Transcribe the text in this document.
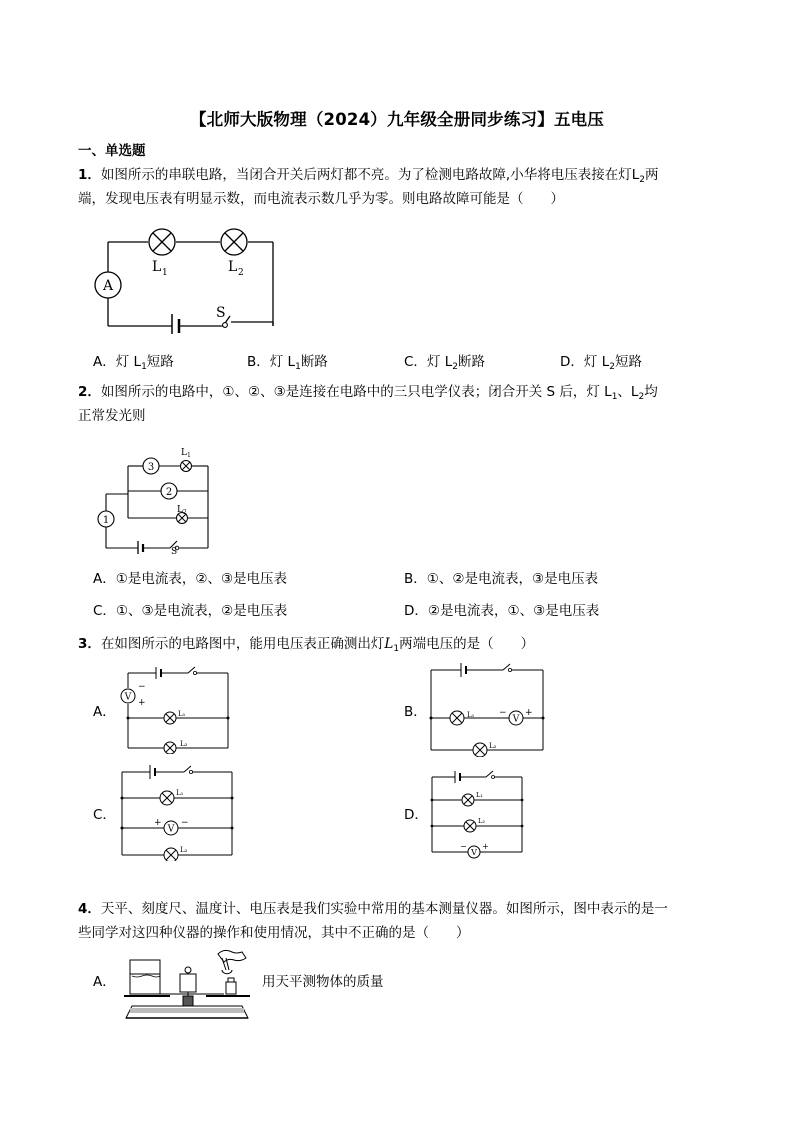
【北师大版物理（2024）九年级全册同步练习】五电压
一、单选题
1．如图所示的串联电路，当闭合开关后两灯都不亮。为了检测电路故障,小华将电压表接在灯$L_2$两
端，发现电压表有明显示数，而电流表示数几乎为零。则电路故障可能是（　　）
A
L 1	L 2
S
A．灯 $L_1$短路	B．灯 $L_1$断路	C．灯 $L_2$断路	D．灯 $L_2$短路
2．如图所示的电路中，①、②、③是连接在电路中的三只电学仪表；闭合开关 S 后，灯 $L_1$、$L_2$均
正常发光则
3
2
1
L 1
L 2
S
A．①是电流表，②、③是电压表	B．①、②是电流表，③是电压表
C．①、③是电流表，②是电压表	D．②是电流表，①、③是电压表
3．在如图所示的电路图中，能用电压表正确测出灯$L_1$两端电压的是（　　）
A．
V
−
+
L₁
L₂
B．	V
− +
L₁
L₂
C．
V
+ −
L₁
L₂
D．
V
− +
L₁
L₂
4．天平、刻度尺、温度计、电压表是我们实验中常用的基本测量仪器。如图所示，图中表示的是一
些同学对这四种仪器的操作和使用情况，其中不正确的是（　　）
A．	用天平测物体的质量
